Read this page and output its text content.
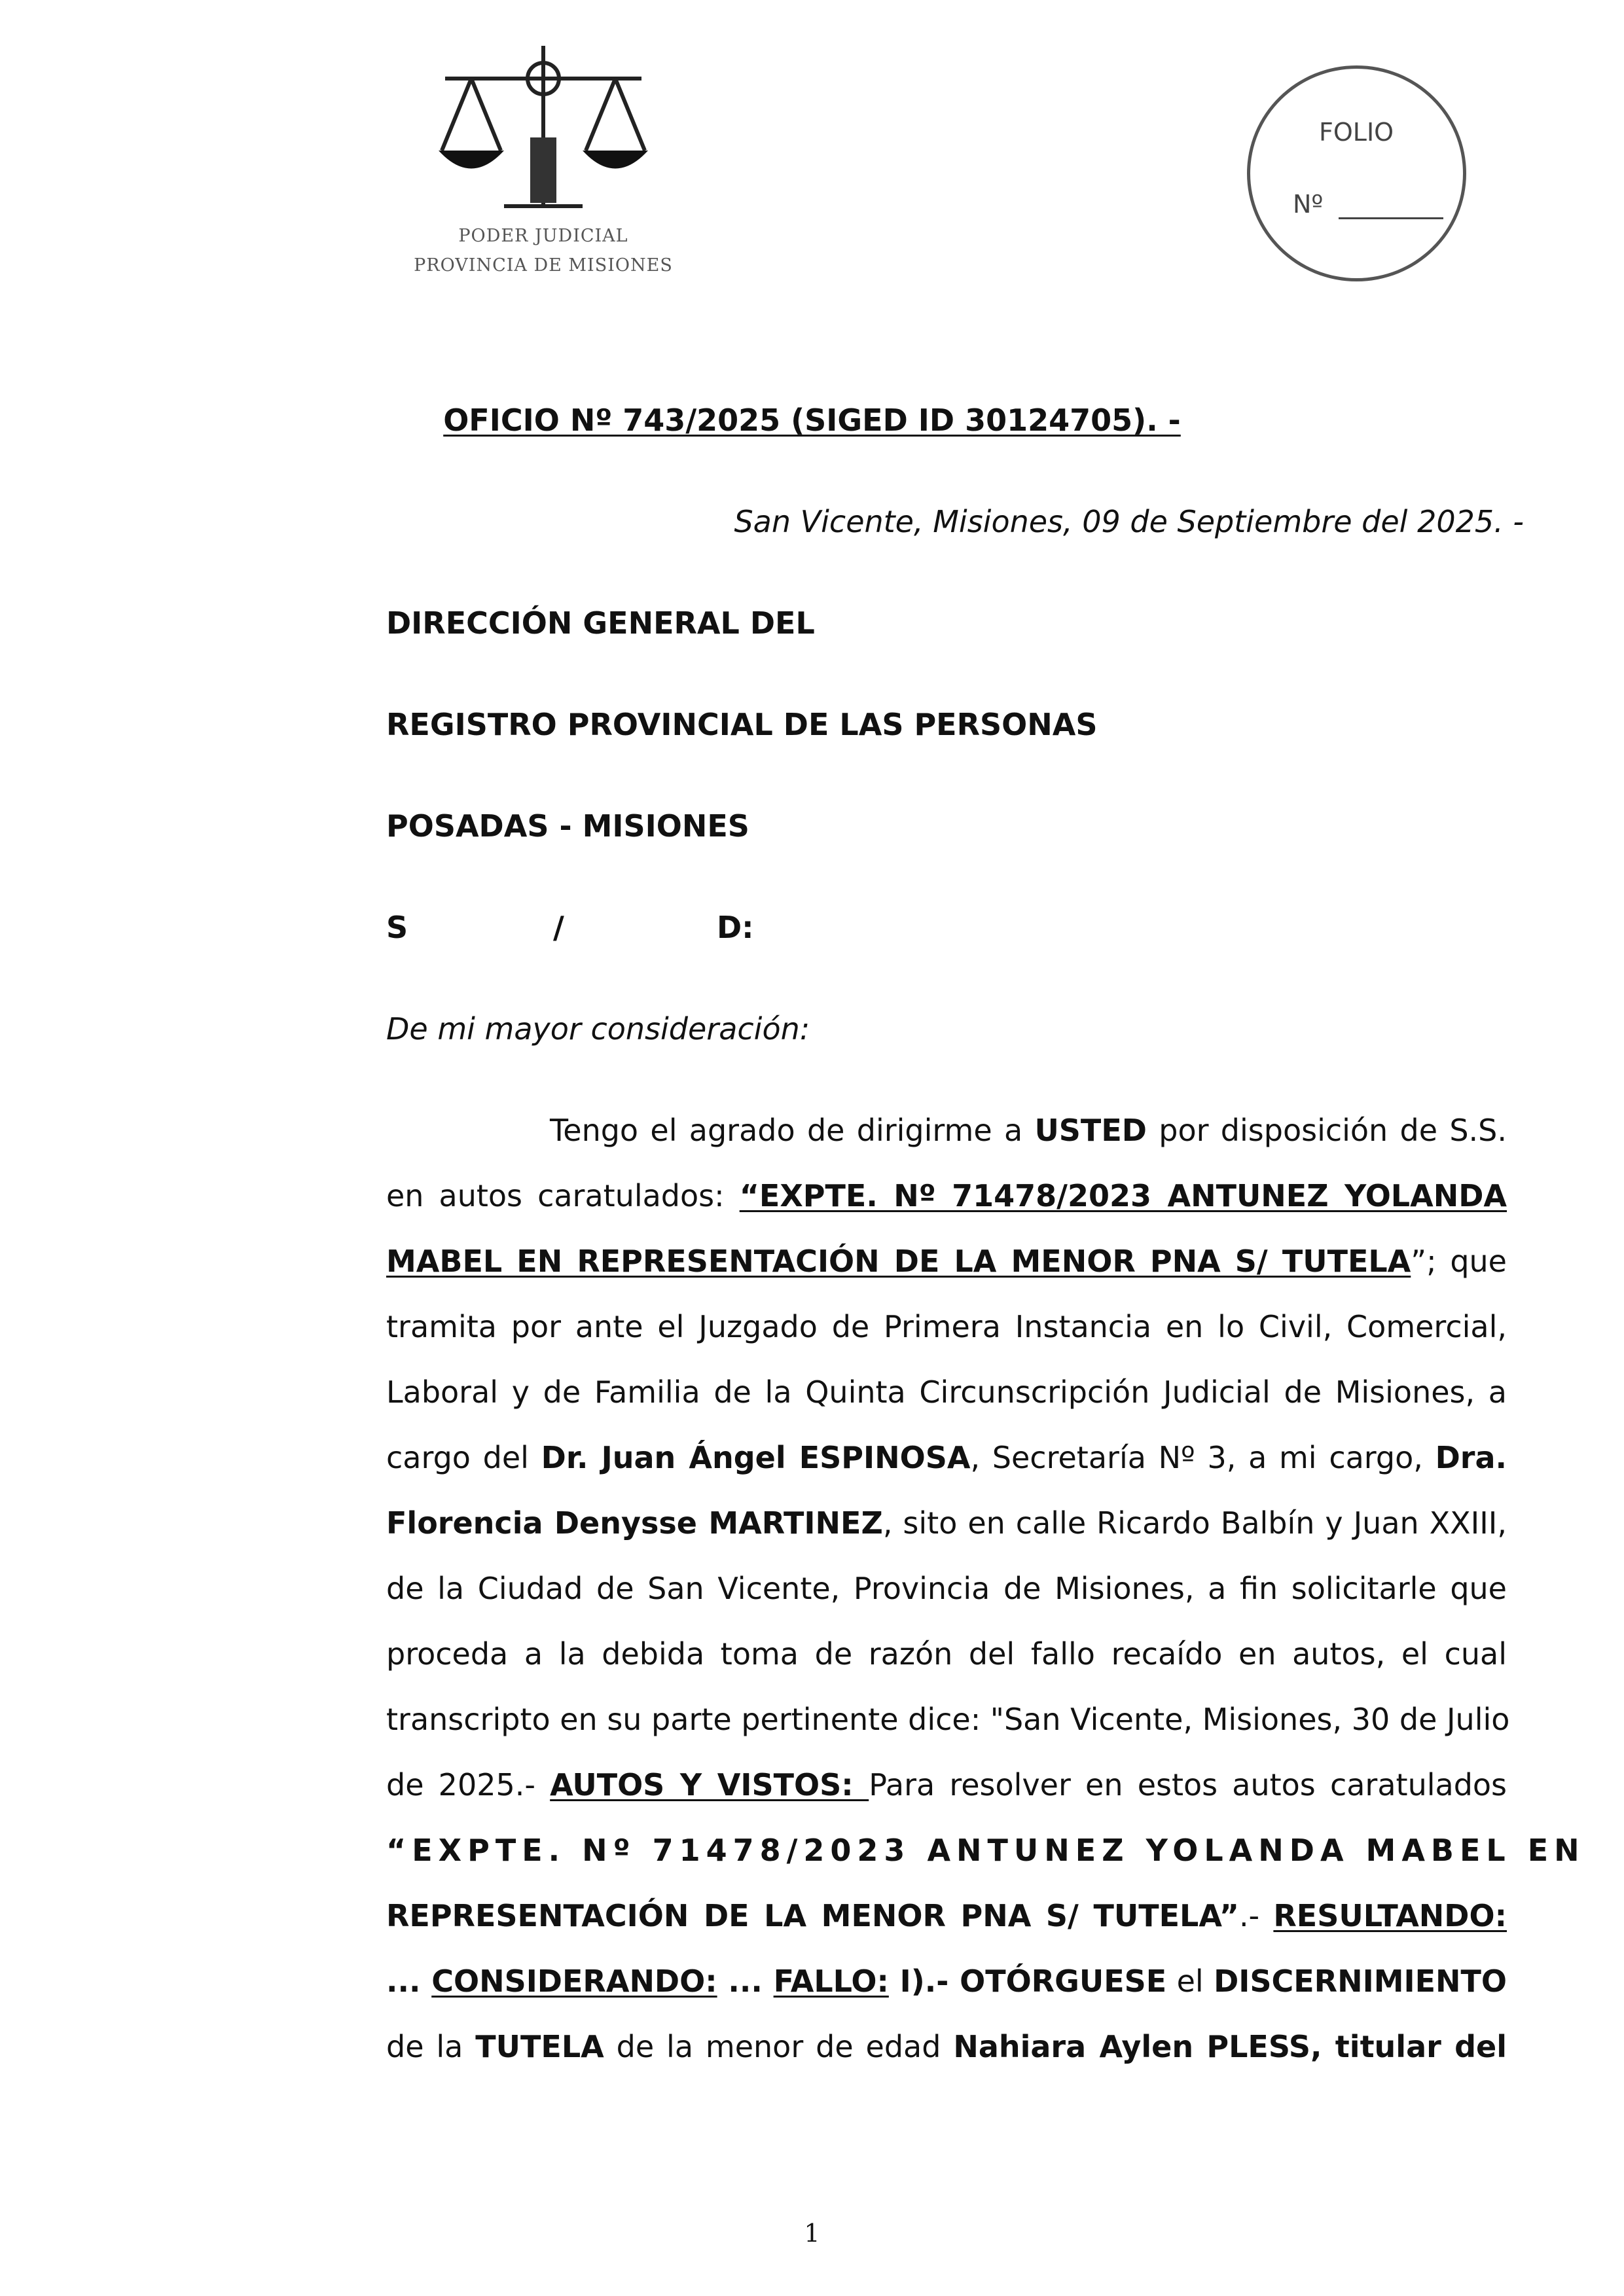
PODER JUDICIAL
PROVINCIA DE MISIONES
FOLIO
Nº
OFICIO Nº 743/2025 (SIGED ID 30124705). -
San Vicente, Misiones, 09 de Septiembre del 2025. -
DIRECCIÓN GENERAL DEL
REGISTRO PROVINCIAL DE LAS PERSONAS
POSADAS - MISIONES
S	/	D:
De mi mayor consideración:
Tengo el agrado de dirigirme a USTED por disposición de S.S.
en autos caratulados: “EXPTE. Nº 71478/2023 ANTUNEZ YOLANDA
MABEL EN REPRESENTACIÓN DE LA MENOR PNA S/ TUTELA”; que
tramita por ante el Juzgado de Primera Instancia en lo Civil, Comercial,
Laboral y de Familia de la Quinta Circunscripción Judicial de Misiones, a
cargo del Dr. Juan Ángel ESPINOSA, Secretaría Nº 3, a mi cargo, Dra.
Florencia Denysse MARTINEZ, sito en calle Ricardo Balbín y Juan XXIII,
de la Ciudad de San Vicente, Provincia de Misiones, a fin solicitarle que
proceda a la debida toma de razón del fallo recaído en autos, el cual
transcripto en su parte pertinente dice: "San Vicente, Misiones, 30 de Julio
de 2025.- AUTOS Y VISTOS: Para resolver en estos autos caratulados
“EXPTE. Nº 71478/2023 ANTUNEZ YOLANDA MABEL EN
REPRESENTACIÓN DE LA MENOR PNA S/ TUTELA”.- RESULTANDO:
... CONSIDERANDO: ... FALLO: I).- OTÓRGUESE el DISCERNIMIENTO
de la TUTELA de la menor de edad Nahiara Aylen PLESS, titular del
1
